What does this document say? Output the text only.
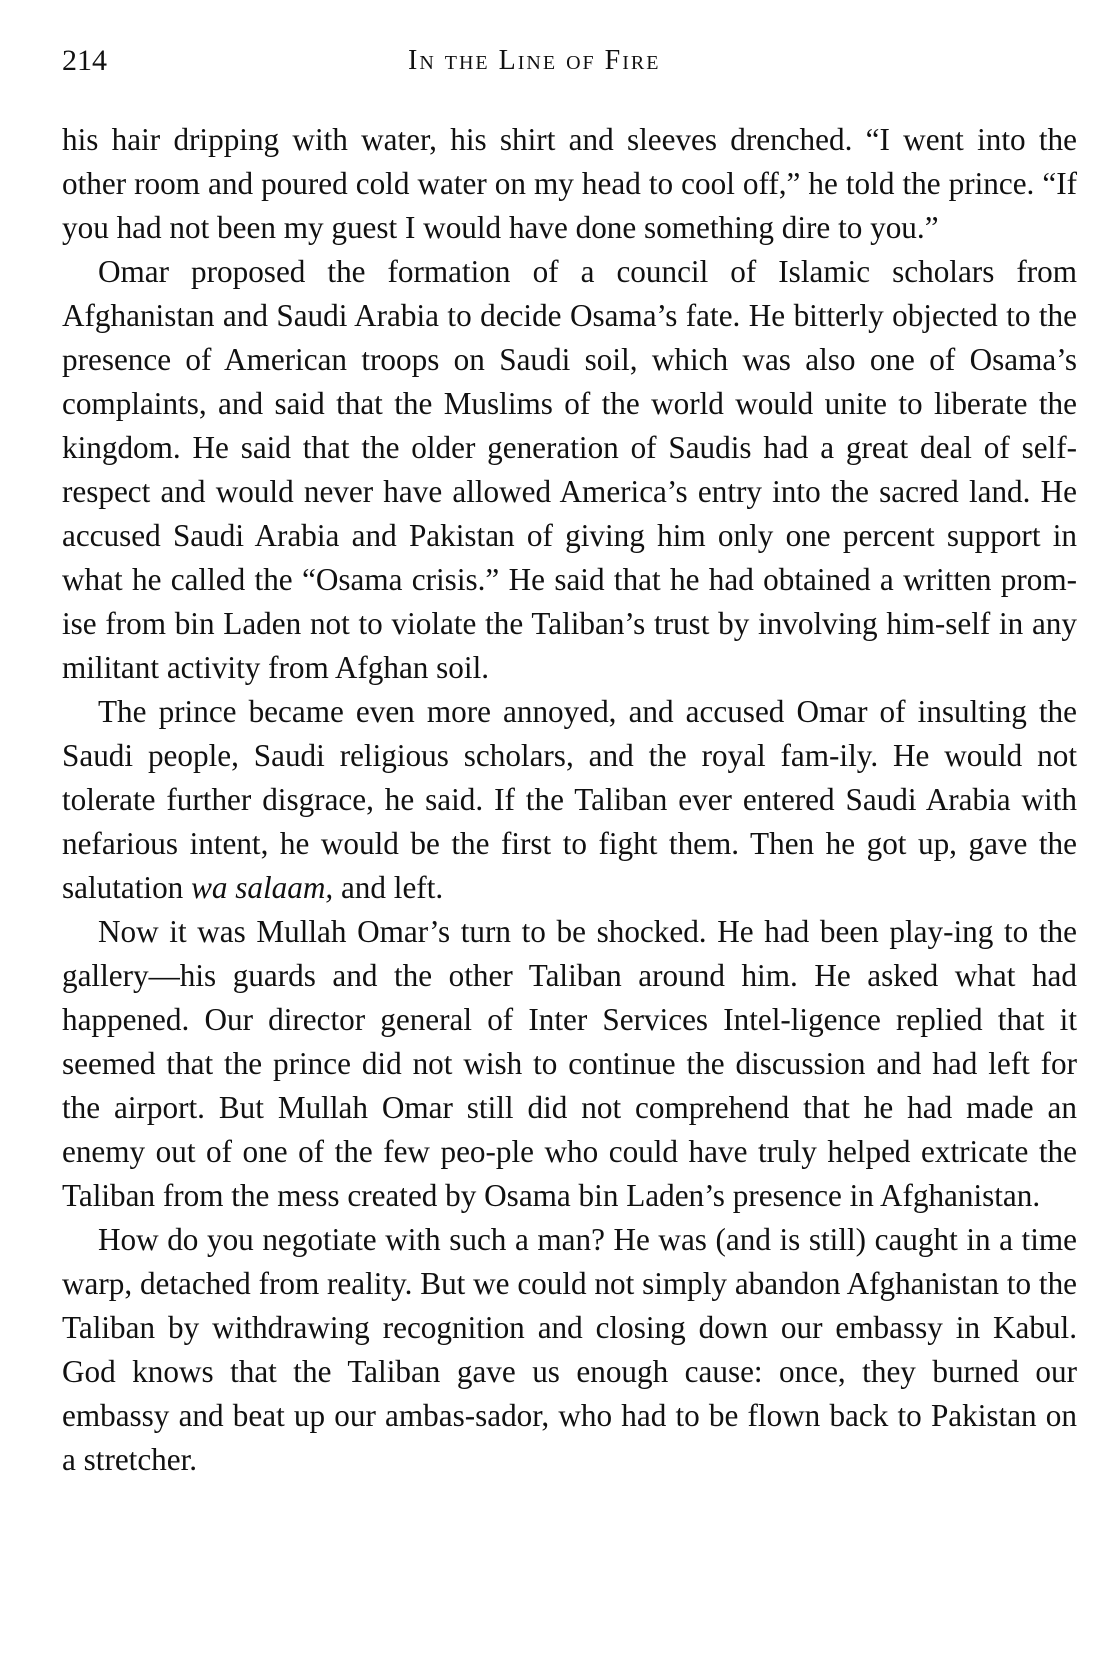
214	In the Line of Fire

his hair dripping with water, his shirt and sleeves drenched. “I went into the other room and poured cold water on my head to cool off,” he told the prince. “If you had not been my guest I would have done something dire to you.”

Omar proposed the formation of a council of Islamic scholars from Afghanistan and Saudi Arabia to decide Osama’s fate. He bitterly objected to the presence of American troops on Saudi soil, which was also one of Osama’s complaints, and said that the Muslims of the world would unite to liberate the kingdom. He said that the older generation of Saudis had a great deal of self-respect and would never have allowed America’s entry into the sacred land. He accused Saudi Arabia and Pakistan of giving him only one percent support in what he called the “Osama crisis.” He said that he had obtained a written prom-ise from bin Laden not to violate the Taliban’s trust by involving him-self in any militant activity from Afghan soil.

The prince became even more annoyed, and accused Omar of insulting the Saudi people, Saudi religious scholars, and the royal fam-ily. He would not tolerate further disgrace, he said. If the Taliban ever entered Saudi Arabia with nefarious intent, he would be the first to fight them. Then he got up, gave the salutation wa salaam, and left.

Now it was Mullah Omar’s turn to be shocked. He had been play-ing to the gallery—his guards and the other Taliban around him. He asked what had happened. Our director general of Inter Services Intel-ligence replied that it seemed that the prince did not wish to continue the discussion and had left for the airport. But Mullah Omar still did not comprehend that he had made an enemy out of one of the few peo-ple who could have truly helped extricate the Taliban from the mess created by Osama bin Laden’s presence in Afghanistan.

How do you negotiate with such a man? He was (and is still) caught in a time warp, detached from reality. But we could not simply abandon Afghanistan to the Taliban by withdrawing recognition and closing down our embassy in Kabul. God knows that the Taliban gave us enough cause: once, they burned our embassy and beat up our ambas-sador, who had to be flown back to Pakistan on a stretcher.
